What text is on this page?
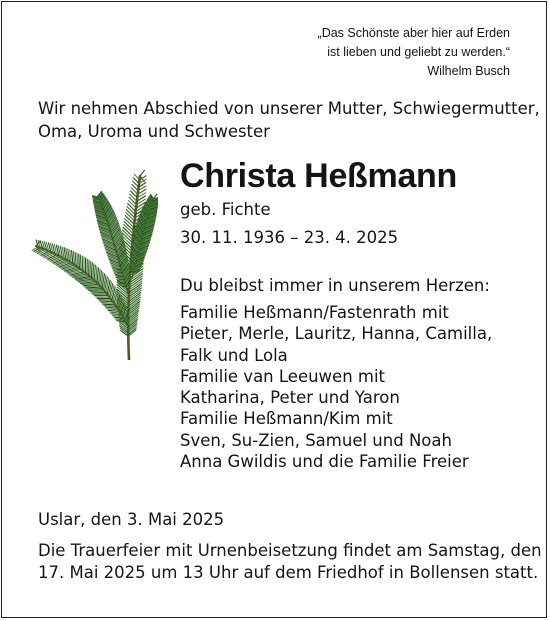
„Das Schönste aber hier auf Erden
ist lieben und geliebt zu werden.“
Wilhelm Busch
Wir nehmen Abschied von unserer Mutter, Schwiegermutter,
Oma, Uroma und Schwester
Christa Heßmann
geb. Fichte
30. 11. 1936 – 23. 4. 2025
Du bleibst immer in unserem Herzen:
Familie Heßmann/Fastenrath mit
Pieter, Merle, Lauritz, Hanna, Camilla,
Falk und Lola
Familie van Leeuwen mit
Katharina, Peter und Yaron
Familie Heßmann/Kim mit
Sven, Su-Zien, Samuel und Noah
Anna Gwildis und die Familie Freier
Uslar, den 3. Mai 2025
Die Trauerfeier mit Urnenbeisetzung findet am Samstag, den
17. Mai 2025 um 13 Uhr auf dem Friedhof in Bollensen statt.
